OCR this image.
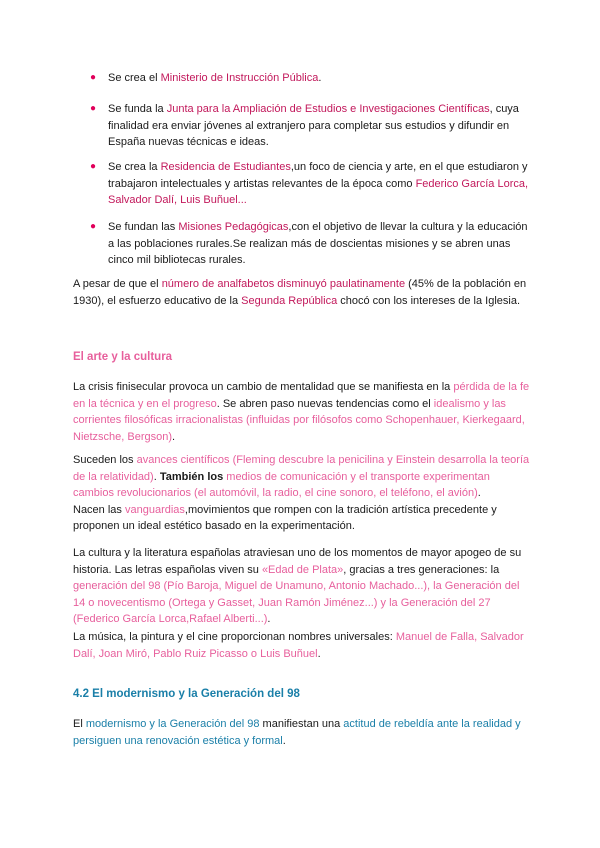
● Se crea el Ministerio de Instrucción Pública.
● Se funda la Junta para la Ampliación de Estudios e Investigaciones Científicas, cuya finalidad era enviar jóvenes al extranjero para completar sus estudios y difundir en España nuevas técnicas e ideas.
● Se crea la Residencia de Estudiantes,un foco de ciencia y arte, en el que estudiaron y trabajaron intelectuales y artistas relevantes de la época como Federico García Lorca, Salvador Dalí, Luis Buñuel...
● Se fundan las Misiones Pedagógicas,con el objetivo de llevar la cultura y la educación a las poblaciones rurales.Se realizan más de doscientas misiones y se abren unas cinco mil bibliotecas rurales.
A pesar de que el número de analfabetos disminuyó paulatinamente (45% de la población en 1930), el esfuerzo educativo de la Segunda República chocó con los intereses de la Iglesia.
El arte y la cultura
La crisis finisecular provoca un cambio de mentalidad que se manifiesta en la pérdida de la fe en la técnica y en el progreso. Se abren paso nuevas tendencias como el idealismo y las corrientes filosóficas irracionalistas (influidas por filósofos como Schopenhauer, Kierkegaard, Nietzsche, Bergson).
Suceden los avances científicos (Fleming descubre la penicilina y Einstein desarrolla la teoría de la relatividad). También los medios de comunicación y el transporte experimentan cambios revolucionarios (el automóvil, la radio, el cine sonoro, el teléfono, el avión).
Nacen las vanguardias,movimientos que rompen con la tradición artística precedente y proponen un ideal estético basado en la experimentación.
La cultura y la literatura españolas atraviesan uno de los momentos de mayor apogeo de su historia. Las letras españolas viven su «Edad de Plata», gracias a tres generaciones: la generación del 98 (Pío Baroja, Miguel de Unamuno, Antonio Machado...), la Generación del 14 o novecentismo (Ortega y Gasset, Juan Ramón Jiménez...) y la Generación del 27 (Federico García Lorca,Rafael Alberti...).
La música, la pintura y el cine proporcionan nombres universales: Manuel de Falla, Salvador Dalí, Joan Miró, Pablo Ruiz Picasso o Luis Buñuel.
4.2 El modernismo y la Generación del 98
El modernismo y la Generación del 98 manifiestan una actitud de rebeldía ante la realidad y persiguen una renovación estética y formal.
